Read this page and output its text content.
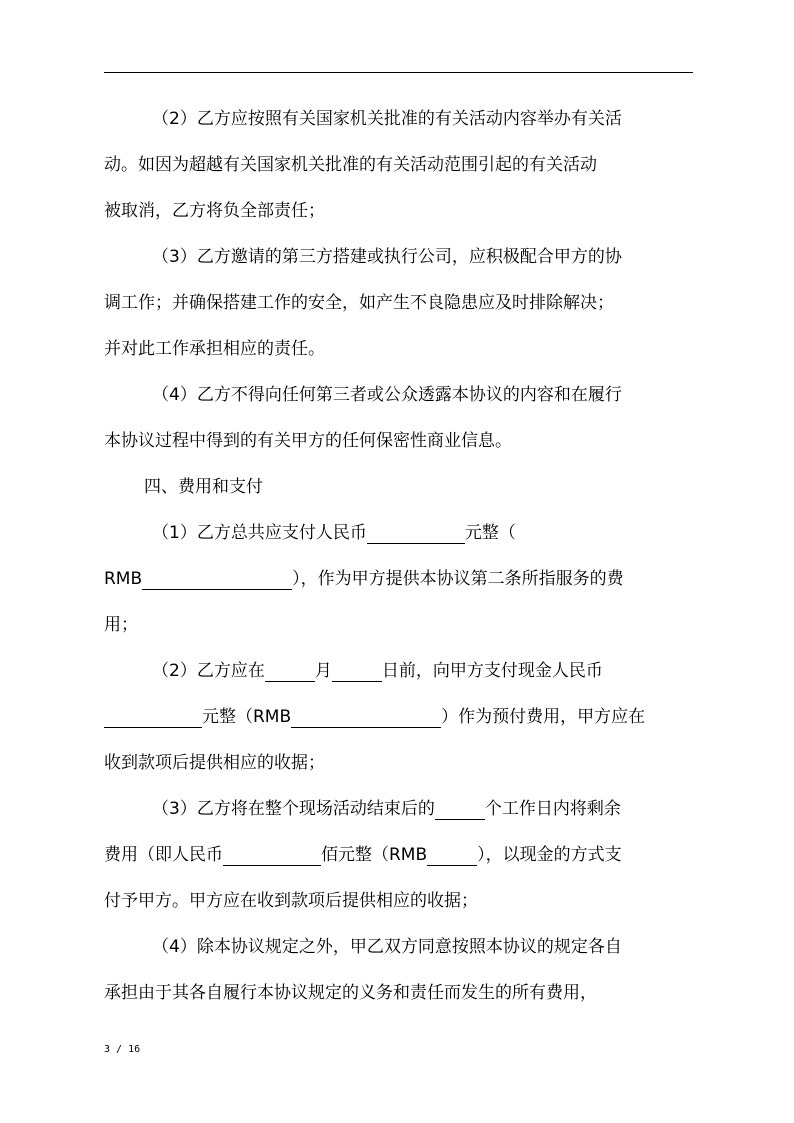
（2）乙方应按照有关国家机关批准的有关活动内容举办有关活
动。如因为超越有关国家机关批准的有关活动范围引起的有关活动
被取消，乙方将负全部责任；
（3）乙方邀请的第三方搭建或执行公司，应积极配合甲方的协
调工作；并确保搭建工作的安全，如产生不良隐患应及时排除解决；
并对此工作承担相应的责任。
（4）乙方不得向任何第三者或公众透露本协议的内容和在履行
本协议过程中得到的有关甲方的任何保密性商业信息。
四、费用和支付
（1）乙方总共应支付人民币	元整（
RMB	），作为甲方提供本协议第二条所指服务的费
用；
（2）乙方应在	月	日前，向甲方支付现金人民币
元整（RMB	）作为预付费用，甲方应在
收到款项后提供相应的收据；
（3）乙方将在整个现场活动结束后的	个工作日内将剩余
费用（即人民币	佰元整（RMB	），以现金的方式支
付予甲方。甲方应在收到款项后提供相应的收据；
（4）除本协议规定之外，甲乙双方同意按照本协议的规定各自
承担由于其各自履行本协议规定的义务和责任而发生的所有费用，
3 / 16
